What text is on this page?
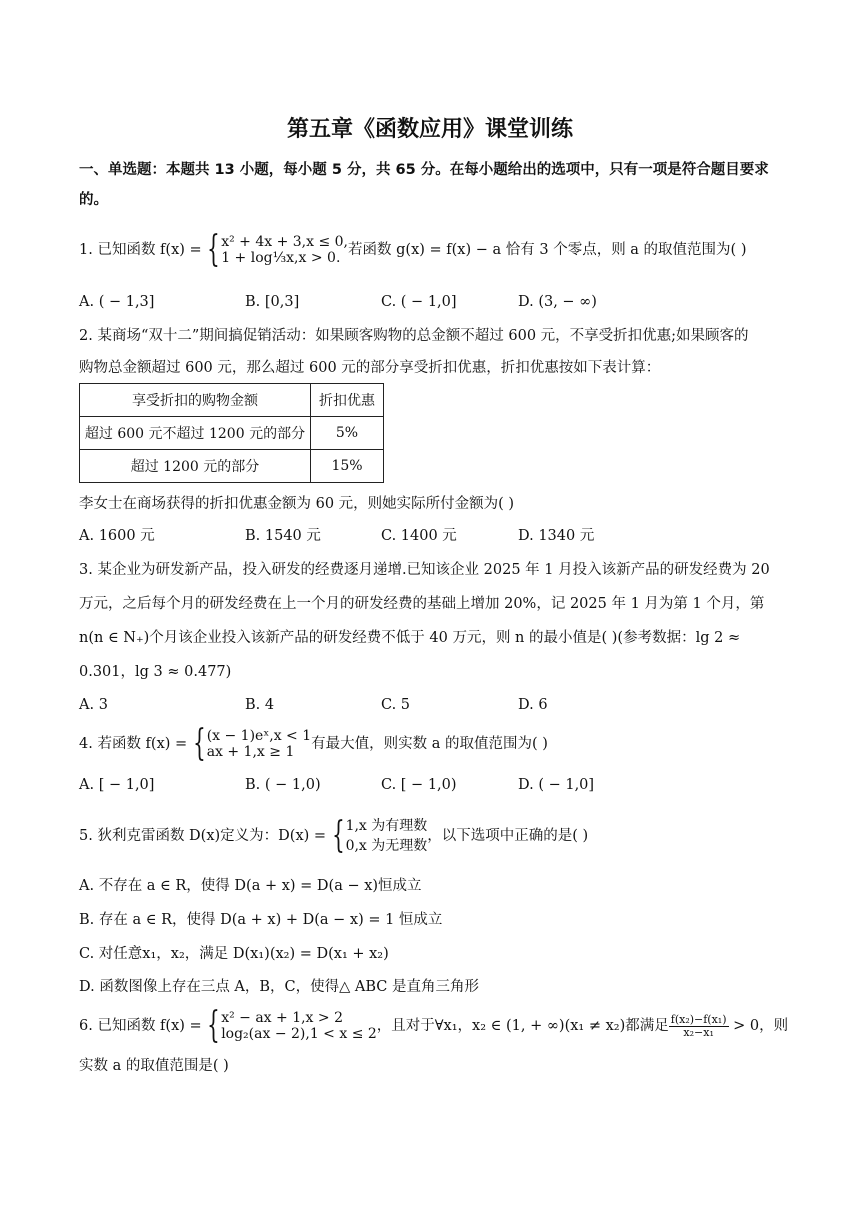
第五章《函数应用》课堂训练
一、单选题：本题共 13 小题，每小题 5 分，共 65 分。在每小题给出的选项中，只有一项是符合题目要求
的。
1. 已知函数 f(x) = { x² + 4x + 3,x ≤ 0,
1 + log⅓x,x > 0. 若函数 g(x) = f(x) − a 恰有 3 个零点，则 a 的取值范围为( )
A. ( − 1,3]	B. [0,3]	C. ( − 1,0]	D. (3, − ∞)
2. 某商场“双十二”期间搞促销活动：如果顾客购物的总金额不超过 600 元，不享受折扣优惠;如果顾客的
购物总金额超过 600 元，那么超过 600 元的部分享受折扣优惠，折扣优惠按如下表计算：
享受折扣的购物金额	折扣优惠
超过 600 元不超过 1200 元的部分	5%
超过 1200 元的部分	15%
李女士在商场获得的折扣优惠金额为 60 元，则她实际所付金额为( )
A. 1600 元	B. 1540 元	C. 1400 元	D. 1340 元
3. 某企业为研发新产品，投入研发的经费逐月递增.已知该企业 2025 年 1 月投入该新产品的研发经费为 20
万元，之后每个月的研发经费在上一个月的研发经费的基础上增加 20%，记 2025 年 1 月为第 1 个月，第
n(n ∈ N₊)个月该企业投入该新产品的研发经费不低于 40 万元，则 n 的最小值是( )(参考数据：lg 2 ≈
0.301，lg 3 ≈ 0.477)
A. 3	B. 4	C. 5	D. 6
4. 若函数 f(x) = { (x − 1)eˣ,x < 1
ax + 1,x ≥ 1	有最大值，则实数 a 的取值范围为( )
A. [ − 1,0]	B. ( − 1,0)	C. [ − 1,0)	D. ( − 1,0]
5. 狄利克雷函数 D(x)定义为：D(x) = { 1,x 为有理数
0,x 为无理数
，以下选项中正确的是( )
A. 不存在 a ∈ R，使得 D(a + x) = D(a − x)恒成立
B. 存在 a ∈ R，使得 D(a + x) + D(a − x) = 1 恒成立
C. 对任意x₁，x₂，满足 D(x₁)(x₂) = D(x₁ + x₂)
D. 函数图像上存在三点 A，B，C，使得△ ABC 是直角三角形
6. 已知函数 f(x) = { x² − ax + 1,x > 2
log₂(ax − 2),1 < x ≤ 2 ，且对于∀x₁，x₂ ∈ (1, + ∞)(x₁ ≠ x₂)都满足 $\frac{\text{f(x₂)−f(x₁)}}{\text{x₂−x₁}} > 0$，则
实数 a 的取值范围是( )
